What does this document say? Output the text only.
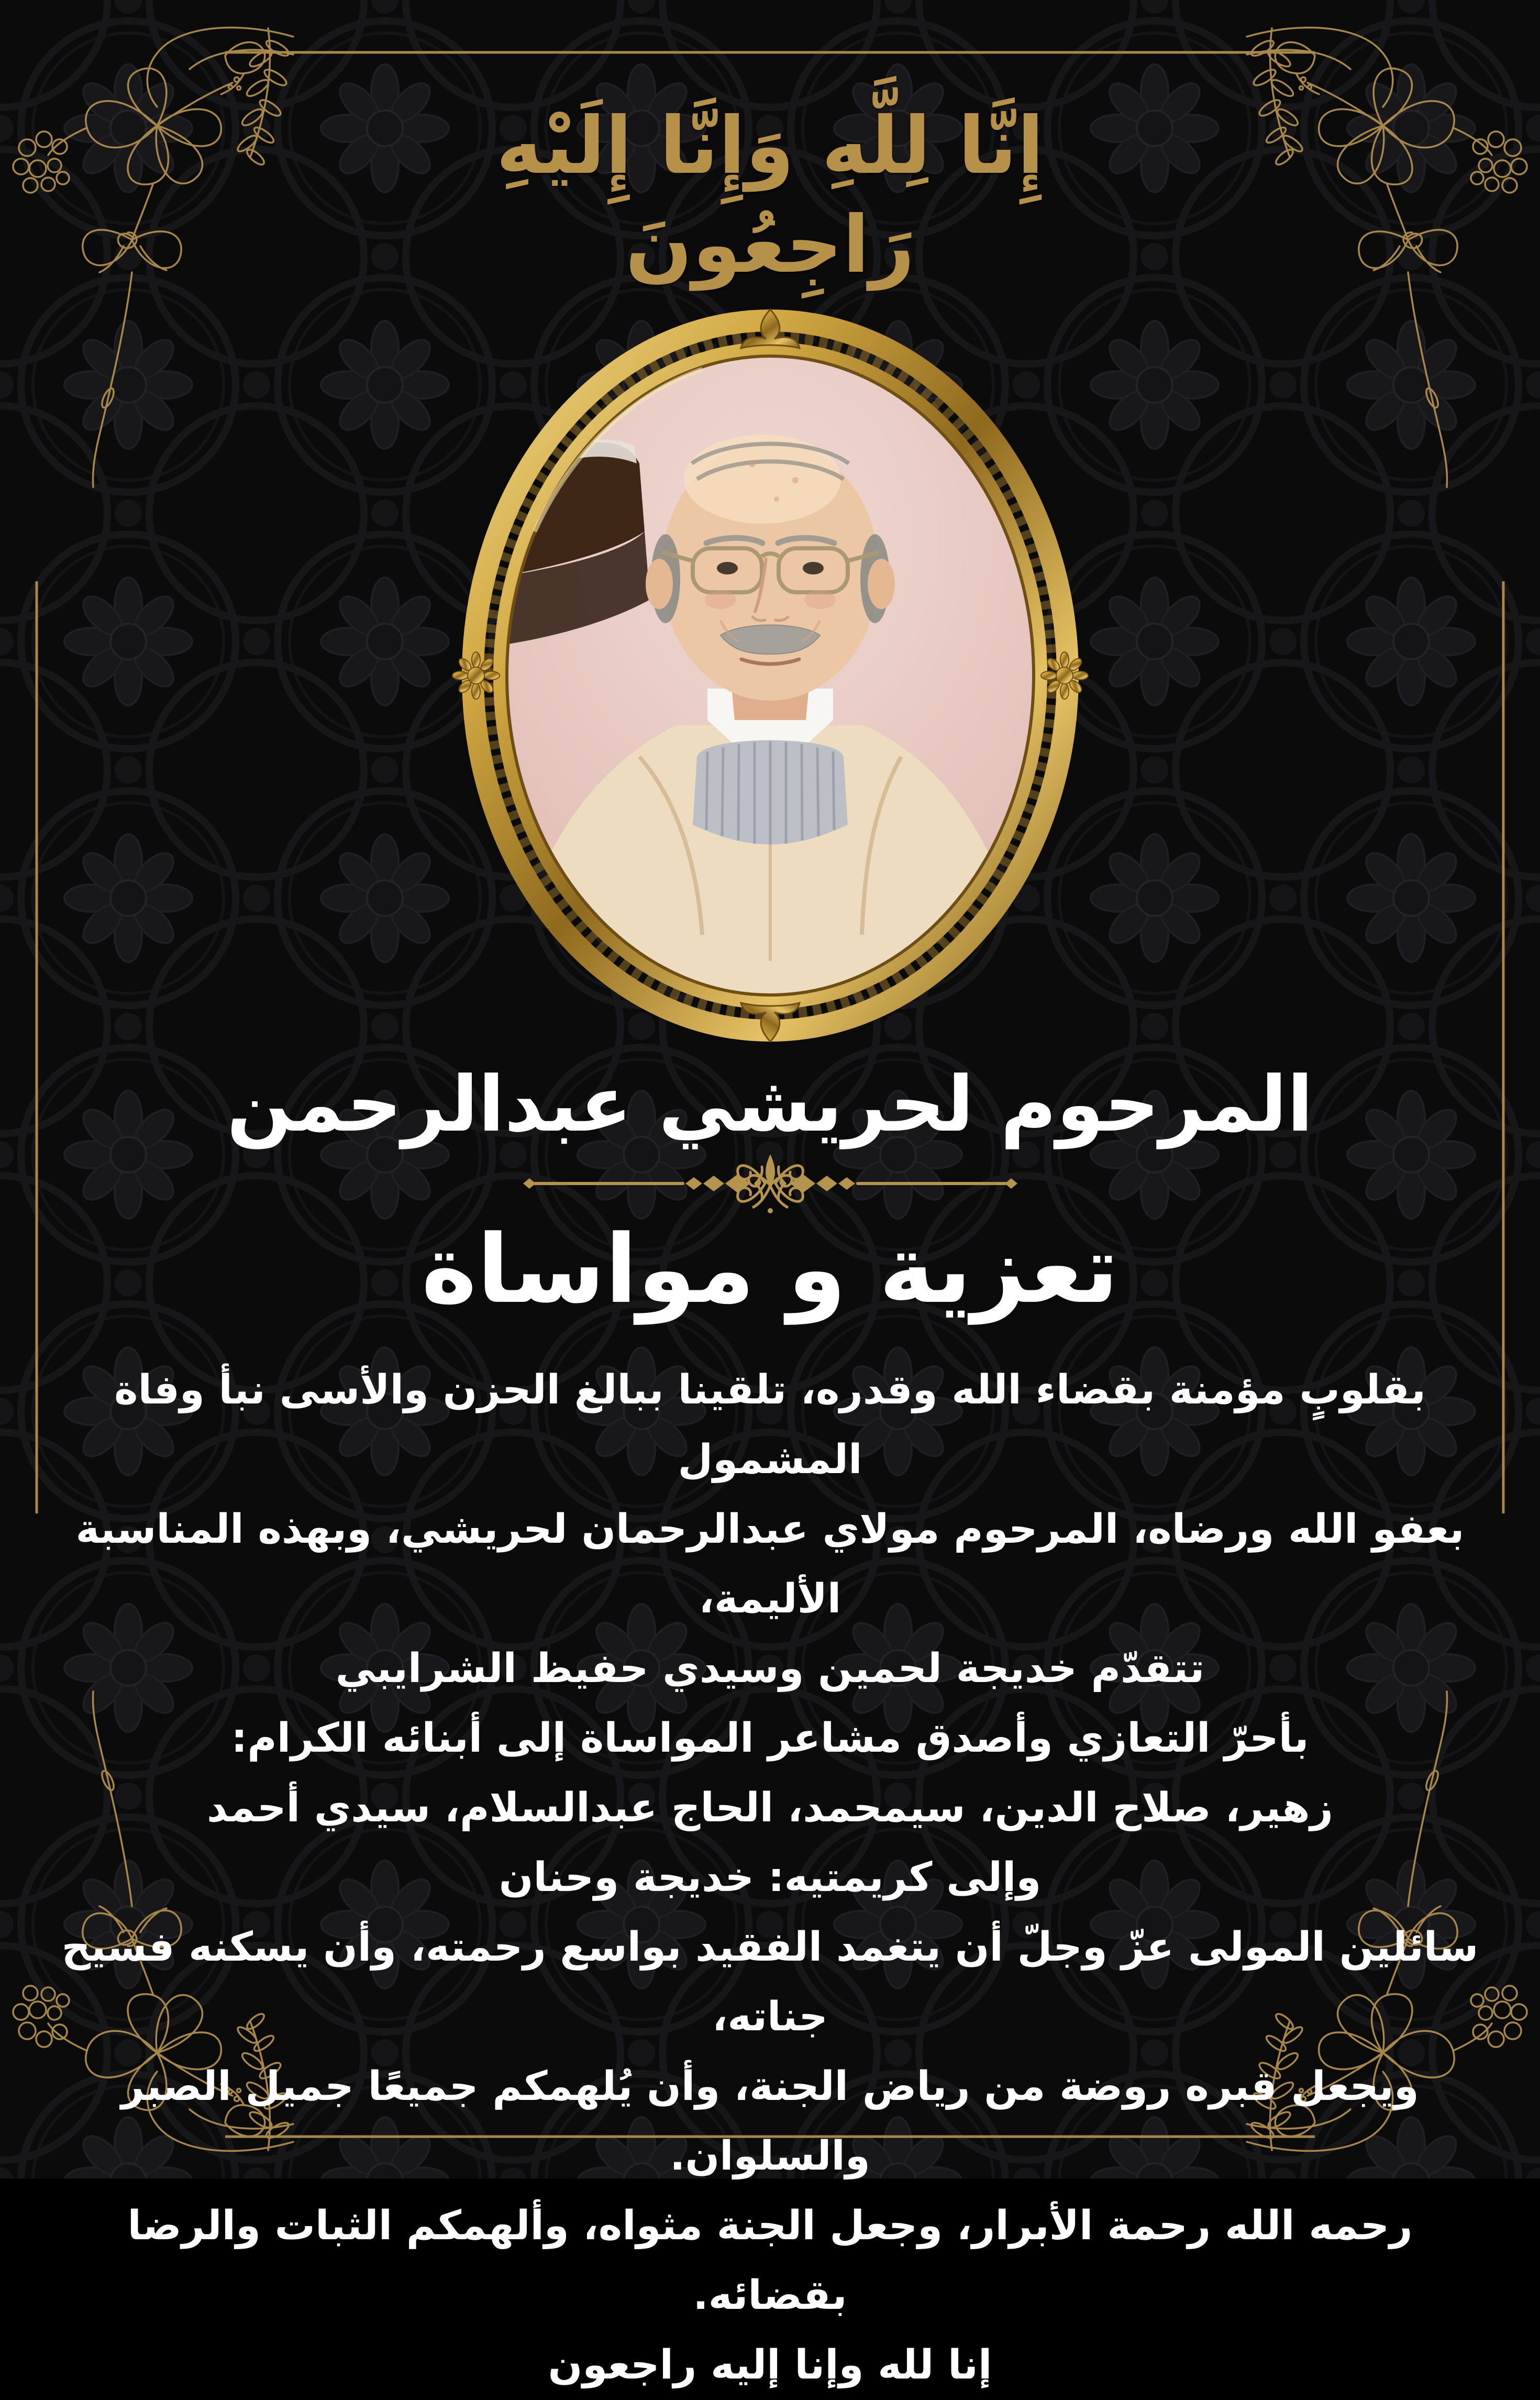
إِنَّا لِلَّهِ وَإِنَّا إِلَيْهِ رَاجِعُونَ
المرحوم لحريشي عبدالرحمن
تعزية و مواساة

بقلوبٍ مؤمنة بقضاء الله وقدره، تلقينا ببالغ الحزن والأسى نبأ وفاة المشمول

بعفو الله ورضاه، المرحوم مولاي عبدالرحمان لحريشي، وبهذه المناسبة الأليمة،

تتقدّم خديجة لحمين وسيدي حفيظ الشرايبي

بأحرّ التعازي وأصدق مشاعر المواساة إلى أبنائه الكرام:

زهير، صلاح الدين، سيمحمد، الحاج عبدالسلام، سيدي أحمد

وإلى كريمتيه: خديجة وحنان

سائلين المولى عزّ وجلّ أن يتغمد الفقيد بواسع رحمته، وأن يسكنه فسيح جناته،

ويجعل قبره روضة من رياض الجنة، وأن يُلهمكم جميعًا جميل الصبر والسلوان.

رحمه الله رحمة الأبرار، وجعل الجنة مثواه، وألهمكم الثبات والرضا بقضائه.

إنا لله وإنا إليه راجعون
